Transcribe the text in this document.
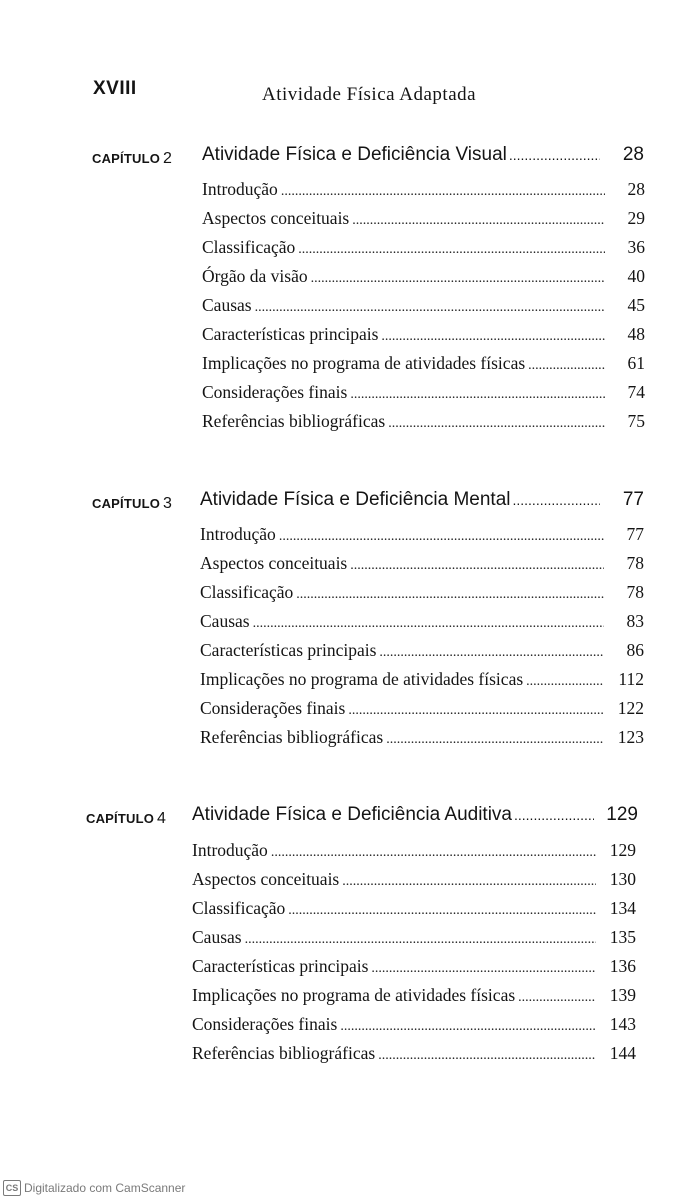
XVIII	Atividade Física Adaptada
CAPÍTULO 2 Atividade Física e Deficiência Visual .....	28
Introdução .....	28
Aspectos conceituais .....	29
Classificação .....	36
Órgão da visão .....	40
Causas .....	45
Características principais .....	48
Implicações no programa de atividades físicas .....	61
Considerações finais .....	74
Referências bibliográficas .....	75
CAPÍTULO 3 Atividade Física e Deficiência Mental .....	77
Introdução .....	77
Aspectos conceituais .....	78
Classificação .....	78
Causas .....	83
Características principais .....	86
Implicações no programa de atividades físicas .....	112
Considerações finais .....	122
Referências bibliográficas .....	123
CAPÍTULO 4 Atividade Física e Deficiência Auditiva .....	129
Introdução .....	129
Aspectos conceituais .....	130
Classificação .....	134
Causas .....	135
Características principais .....	136
Implicações no programa de atividades físicas .....	139
Considerações finais .....	143
Referências bibliográficas .....	144
CS Digitalizado com CamScanner
